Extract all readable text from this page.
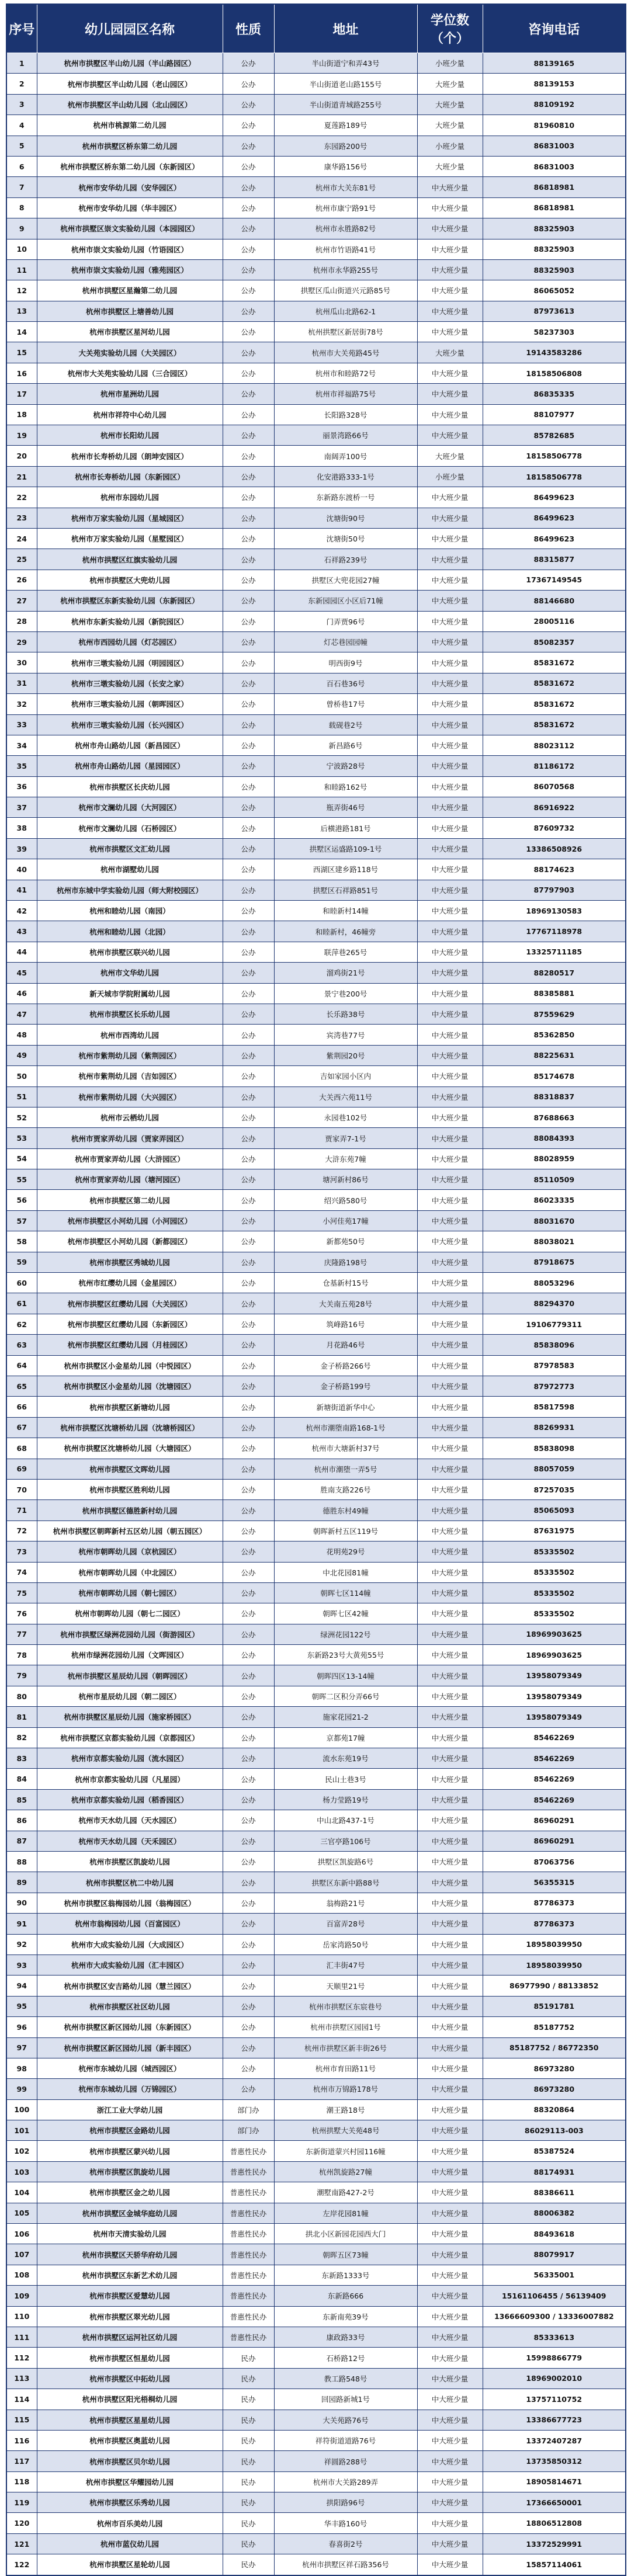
序号	幼儿园园区名称	性质	地址	学位数（个）	咨询电话
1	杭州市拱墅区半山幼儿园（半山路园区）	公办	半山街道宁和弄43号	小班少量	88139165
2	杭州市拱墅区半山幼儿园（老山园区）	公办	半山街道老山路155号	大班少量	88139153
3	杭州市拱墅区半山幼儿园（北山园区）	公办	半山街道青城路255号	大班少量	88109192
4	杭州市桃源第二幼儿园	公办	夏莲路189号	大班少量	81960810
5	杭州市拱墅区桥东第二幼儿园	公办	东园路200号	小班少量	86831003
6	杭州市拱墅区桥东第二幼儿园（东新园区）	公办	康华路156号	大班少量	86831003
7	杭州市安华幼儿园（安华园区）	公办	杭州市大关东81号	中大班少量	86818981
8	杭州市安华幼儿园（华丰园区）	公办	杭州市康宁路91号	中大班少量	86818981
9	杭州市拱墅区崇文实验幼儿园（本园园区）	公办	杭州市永胜路82号	中大班少量	88325903
10	杭州市崇文实验幼儿园（竹语园区）	公办	杭州市竹语路41号	中大班少量	88325903
11	杭州市崇文实验幼儿园（雅苑园区）	公办	杭州市永华路255号	中大班少量	88325903
12	杭州市拱墅区星瀚第二幼儿园	公办	拱墅区瓜山街道兴元路85号	中大班少量	86065052
13	杭州市拱墅区上塘善幼儿园	公办	杭州瓜山北路62-1	中大班少量	87973613
14	杭州市拱墅区星河幼儿园	公办	杭州拱墅区新居街78号	中大班少量	58237303
15	大关苑实验幼儿园（大关园区）	公办	杭州市大关苑路45号	大班少量	19143583286
16	杭州市大关苑实验幼儿园（三合园区）	公办	杭州市和睦路72号	中大班少量	18158506808
17	杭州市星洲幼儿园	公办	杭州市祥福路75号	中大班少量	86835335
18	杭州市祥符中心幼儿园	公办	长阳路328号	中大班少量	88107977
19	杭州市长阳幼儿园	公办	丽景湾路66号	中大班少量	85782685
20	杭州市长寿桥幼儿园（朗坤安园区）	公办	南阔弄100号	大班少量	18158506778
21	杭州市长寿桥幼儿园（东新园区）	公办	化安港路333-1号	小班少量	18158506778
22	杭州市东园幼儿园	公办	东新路东渡桥一号	中大班少量	86499623
23	杭州市万家实验幼儿园（星城园区）	公办	沈塘街90号	中大班少量	86499623
24	杭州市万家实验幼儿园（星墅园区）	公办	沈塘街50号	中大班少量	86499623
25	杭州市拱墅区红旗实验幼儿园	公办	石祥路239号	中大班少量	88315877
26	杭州市拱墅区大兜幼儿园	公办	拱墅区大兜花园27幢	中大班少量	17367149545
27	杭州市拱墅区东新实验幼儿园（东新园区）	公办	东新园园区小区后71幢	中大班少量	88146680
28	杭州市东新实验幼儿园（新院园区）	公办	门弄贾96号	中大班少量	28005116
29	杭州市西园幼儿园（灯芯园区）	公办	灯芯巷园园幢	中大班少量	85082357
30	杭州市三墩实验幼儿园（明园园区）	公办	明西街9号	中大班少量	85831672
31	杭州市三墩实验幼儿园（长安之家）	公办	百石巷36号	中大班少量	85831672
32	杭州市三墩实验幼儿园（朝晖园区）	公办	曾桥巷17号	中大班少量	85831672
33	杭州市三墩实验幼儿园（长兴园区）	公办	载砚巷2号	中大班少量	85831672
34	杭州市舟山路幼儿园（新昌园区）	公办	新昌路6号	中大班少量	88023112
35	杭州市舟山路幼儿园（星园园区）	公办	宁波路28号	中大班少量	81186172
36	杭州市拱墅区长庆幼儿园	公办	和睦路162号	中大班少量	86070568
37	杭州市文澜幼儿园（大河园区）	公办	瓶弄街46号	中大班少量	86916922
38	杭州市文澜幼儿园（石桥园区）	公办	后横港路181号	中大班少量	87609732
39	杭州市拱墅区文汇幼儿园	公办	拱墅区运盛路109-1号	中大班少量	13386508926
40	杭州市湖墅幼儿园	公办	西湖区建乡路118号	中大班少量	88174623
41	杭州市东城中学实验幼儿园（师大附校园区）	公办	拱墅区石祥路851号	中大班少量	87797903
42	杭州和睦幼儿园（南园）	公办	和睦新村14幢	中大班少量	18969130583
43	杭州和睦幼儿园（北园）	公办	和睦新村，46幢旁	中大班少量	17767118978
44	杭州市拱墅区联兴幼儿园	公办	联萍巷265号	中大班少量	13325711185
45	杭州市文华幼儿园	公办	溜鸡街21号	中大班少量	88280517
46	新天城市学院附属幼儿园	公办	景宁巷200号	中大班少量	88385881
47	杭州市拱墅区长乐幼儿园	公办	长乐路38号	中大班少量	87559629
48	杭州市西湾幼儿园	公办	宾湾巷77号	中大班少量	85362850
49	杭州市紫荆幼儿园（紫荆园区）	公办	紫荆园20号	中大班少量	88225631
50	杭州市紫荆幼儿园（吉如园区）	公办	吉如家园小区内	中大班少量	85174678
51	杭州市紫荆幼儿园（大兴园区）	公办	大关西六苑11号	中大班少量	88318837
52	杭州市云栖幼儿园	公办	永园巷102号	中大班少量	87688663
53	杭州市贾家弄幼儿园（贾家弄园区）	公办	贾家弄7-1号	中大班少量	88084393
54	杭州市贾家弄幼儿园（大浒园区）	公办	大浒东苑7幢	中大班少量	88028959
55	杭州市贾家弄幼儿园（塘河园区）	公办	塘河新村86号	中大班少量	85110509
56	杭州市拱墅区第二幼儿园	公办	绍兴路580号	中大班少量	86023335
57	杭州市拱墅区小河幼儿园（小河园区）	公办	小河佳苑17幢	中大班少量	88031670
58	杭州市拱墅区小河幼儿园（新都园区）	公办	新都苑50号	中大班少量	88038021
59	杭州市拱墅区秀城幼儿园	公办	庆隆路198号	中大班少量	87918675
60	杭州市红缨幼儿园（金星园区）	公办	仓基新村15号	中大班少量	88053296
61	杭州市拱墅区红缨幼儿园（大关园区）	公办	大关南五苑28号	中大班少量	88294370
62	杭州市拱墅区红缨幼儿园（东新园区）	公办	筑峰路16号	中大班少量	19106779311
63	杭州市拱墅区红缨幼儿园（月桂园区）	公办	月花路46号	中大班少量	85838096
64	杭州市拱墅区小金星幼儿园（中悦园区）	公办	金子桥路266号	中大班少量	87978583
65	杭州市拱墅区小金星幼儿园（沈塘园区）	公办	金子桥路199号	中大班少量	87972773
66	杭州市拱墅区新塘幼儿园	公办	新塘街道新华中心	中大班少量	85817598
67	杭州市拱墅区沈塘桥幼儿园（沈塘桥园区）	公办	杭州市潮堕南路168-1号	中大班少量	88269931
68	杭州市拱墅区沈塘桥幼儿园（大塘园区）	公办	杭州市大塘新村37号	中大班少量	85838098
69	杭州市拱墅区文晖幼儿园	公办	杭州市潮堕一弄5号	中大班少量	88057059
70	杭州市拱墅区胜利幼儿园	公办	胜南支路226号	中大班少量	87257035
71	杭州市拱墅区德胜新村幼儿园	公办	德胜东村49幢	中大班少量	85065093
72	杭州市拱墅区朝晖新村五区幼儿园（朝五园区）	公办	朝晖新村五区119号	中大班少量	87631975
73	杭州市朝晖幼儿园（京杭园区）	公办	花明苑29号	中大班少量	85335502
74	杭州市朝晖幼儿园（中北园区）	公办	中北花园81幢	中大班少量	85335502
75	杭州市朝晖幼儿园（朝七园区）	公办	朝晖七区114幢	中大班少量	85335502
76	杭州市朝晖幼儿园（朝七二园区）	公办	朝晖七区42幢	中大班少量	85335502
77	杭州市拱墅区绿洲花园幼儿园（街游园区）	公办	绿洲花园122号	中大班少量	18969903625
78	杭州市绿洲花园幼儿园（文晖园区）	公办	东新路23号大黄苑55号	中大班少量	18969903625
79	杭州市拱墅区星辰幼儿园（朝晖园区）	公办	朝晖四区13-14幢	中大班少量	13958079349
80	杭州市星辰幼儿园（朝二园区）	公办	朝晖二区积分弄66号	中大班少量	13958079349
81	杭州市拱墅区星辰幼儿园（施家桥园区）	公办	施家花园21-2	中大班少量	13958079349
82	杭州市拱墅区京都实验幼儿园（京都园区）	公办	京都苑17幢	中大班少量	85462269
83	杭州市京都实验幼儿园（流水园区）	公办	流水东苑19号	中大班少量	85462269
84	杭州市京都实验幼儿园（凡星园）	公办	民山土巷3号	中大班少量	85462269
85	杭州市京都实验幼儿园（稻香园区）	公办	杨力莹路19号	中大班少量	85462269
86	杭州市天水幼儿园（天水园区）	公办	中山北路437-1号	中大班少量	86960291
87	杭州市天水幼儿园（天禾园区）	公办	三官亭路106号	中大班少量	86960291
88	杭州市拱墅区凯旋幼儿园	公办	拱墅区凯旋路6号	中大班少量	87063756
89	杭州市拱墅区杭二中幼儿园	公办	拱墅区东新中路88号	中大班少量	56355315
90	杭州市拱墅区翁梅园幼儿园（翁梅园区）	公办	翁梅路21号	中大班少量	87786373
91	杭州市翁梅园幼儿园（百富园区）	公办	百富弄28号	中大班少量	87786373
92	杭州市大成实验幼儿园（大成园区）	公办	岳家湾路50号	中大班少量	18958039950
93	杭州市大成实验幼儿园（汇丰园区）	公办	汇丰街47号	中大班少量	18958039950
94	杭州市拱墅区安吉路幼儿园（慧兰园区）	公办	天顺里21号	中大班少量	86977990 / 88133852
95	杭州市拱墅区社区幼儿园	公办	杭州市拱墅区东宸巷号	中大班少量	85191781
96	杭州市拱墅区新区园幼儿园（东新园区）	公办	杭州市拱墅区园园1号	中大班少量	85187752
97	杭州市拱墅区新区园幼儿园（新丰园区）	公办	杭州市拱墅区新丰街26号	中大班少量	85187752 / 86772350
98	杭州市东城幼儿园（城西园区）	公办	杭州市育田路11号	中大班少量	86973280
99	杭州市东城幼儿园（万锦园区）	公办	杭州市万锦路178号	中大班少量	86973280
100	浙江工业大学幼儿园	部门办	潮王路18号	中大班少量	88320864
101	杭州市拱墅区金路幼儿园	部门办	杭州拱墅大关苑48号	中大班少量	86029113-003
102	杭州市拱墅区蒙兴幼儿园	普惠性民办	东新街道蒙兴村园116幢	中大班少量	85387524
103	杭州市拱墅区凯旋幼儿园	普惠性民办	杭州凯旋路27幢	中大班少量	88174931
104	杭州市拱墅区金之幼儿园	普惠性民办	潮墅南路427-2号	中大班少量	88386611
105	杭州市拱墅区金城华庭幼儿园	普惠性民办	左岸花园81幢	中大班少量	88006382
106	杭州市天清实验幼儿园	普惠性民办	拱北小区新园花园西大门	中大班少量	88493618
107	杭州市拱墅区天骄华府幼儿园	普惠性民办	朝晖五区73幢	中大班少量	88079917
108	杭州市拱墅区东新艺术幼儿园	普惠性民办	东新路1333号	中大班少量	56335001
109	杭州市拱墅区爱慧幼儿园	普惠性民办	东新路666	中大班少量	15161106455 / 56139409
110	杭州市拱墅区翠光幼儿园	普惠性民办	东新南苑39号	中大班少量	13666609300 / 13336007882
111	杭州市拱墅区运河社区幼儿园	普惠性民办	康政路33号	中大班少量	85333613
112	杭州市拱墅区恒星幼儿园	民办	石桥路12号	中大班少量	15998866779
113	杭州市拱墅区中拓幼儿园	民办	教工路548号	中大班少量	18969002010
114	杭州市拱墅区阳光梧桐幼儿园	民办	回园路新城1号	中大班少量	13757110752
115	杭州市拱墅区星星幼儿园	民办	大关苑路76号	中大班少量	13386677723
116	杭州市拱墅区奥蓝幼儿园	民办	祥符街道道路76号	中大班少量	13372407287
117	杭州市拱墅区贝尔幼儿园	民办	祥圆路288号	中大班少量	13735850312
118	杭州市拱墅区华耀园幼儿园	民办	杭州市大关路289弄	中大班少量	18905814671
119	杭州市拱墅区乐秀幼儿园	民办	拱阳路96号	中大班少量	17366650001
120	杭州市百乐美幼儿园	民办	华丰路160号	中大班少量	18806512808
121	杭州市蓝仪幼儿园	民办	春喜街2号	中大班少量	13372529991
122	杭州市拱墅区星轮幼儿园	民办	杭州市拱墅区祥石路356号	中大班少量	15857114061
